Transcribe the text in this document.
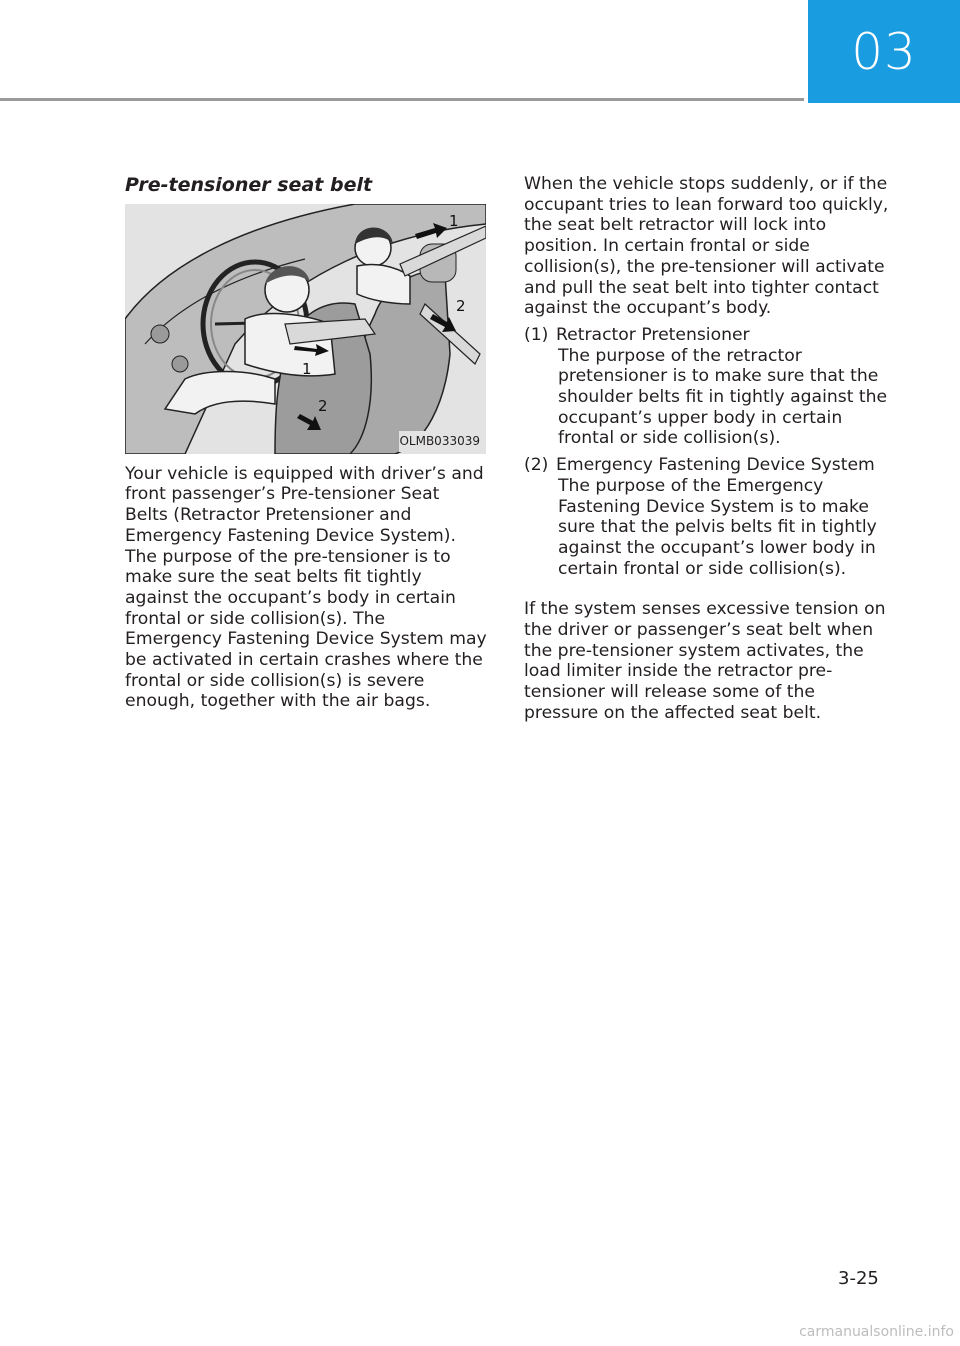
03
Pre-tensioner seat belt
1
2
1
2
OLMB033039

Your vehicle is equipped with driver’s and front passenger’s Pre-tensioner Seat Belts (Retractor Pretensioner and Emergency Fastening Device System). The purpose of the pre-tensioner is to make sure the seat belts fit tightly against the occupant’s body in certain frontal or side collision(s). The Emergency Fastening Device System may be activated in certain crashes where the frontal or side collision(s) is severe enough, together with the air bags.

When the vehicle stops suddenly, or if the occupant tries to lean forward too quickly, the seat belt retractor will lock into position. In certain frontal or side collision(s), the pre-tensioner will activate and pull the seat belt into tighter contact against the occupant’s body.

(1) Retractor Pretensioner
The purpose of the retractor pretensioner is to make sure that the shoulder belts fit in tightly against the occupant’s upper body in certain frontal or side collision(s).
(2) Emergency Fastening Device System
The purpose of the Emergency Fastening Device System is to make sure that the pelvis belts fit in tightly against the occupant’s lower body in certain frontal or side collision(s).

If the system senses excessive tension on the driver or passenger’s seat belt when the pre-tensioner system activates, the load limiter inside the retractor pre-tensioner will release some of the pressure on the affected seat belt.

3-25
carmanualsonline.info
